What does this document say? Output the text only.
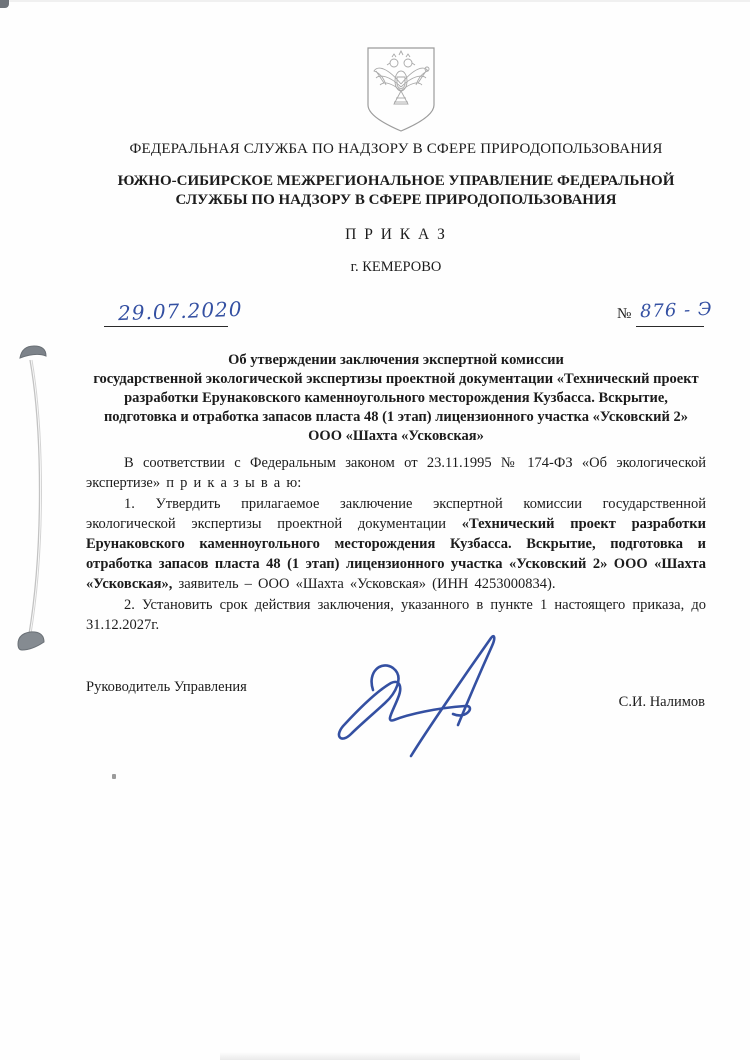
ФЕДЕРАЛЬНАЯ СЛУЖБА ПО НАДЗОРУ В СФЕРЕ ПРИРОДОПОЛЬЗОВАНИЯ
ЮЖНО-СИБИРСКОЕ МЕЖРЕГИОНАЛЬНОЕ УПРАВЛЕНИЕ ФЕДЕРАЛЬНОЙ
СЛУЖБЫ ПО НАДЗОРУ В СФЕРЕ ПРИРОДОПОЛЬЗОВАНИЯ
П Р И К А З
г. КЕМЕРОВО
29.07.2020	№ 876 - Э
Об утверждении заключения экспертной комиссии
государственной экологической экспертизы проектной документации «Технический проект
разработки Ерунаковского каменноугольного месторождения Кузбасса. Вскрытие,
подготовка и отработка запасов пласта 48 (1 этап) лицензионного участка «Усковский 2»
ООО «Шахта «Усковская»

В соответствии с Федеральным законом от 23.11.1995 № 174-ФЗ «Об экологической экспертизе» п р и к а з ы в а ю:

1. Утвердить прилагаемое заключение экспертной комиссии государственной экологической экспертизы проектной документации «Технический проект разработки Ерунаковского каменноугольного месторождения Кузбасса. Вскрытие, подготовка и отработка запасов пласта 48 (1 этап) лицензионного участка «Усковский 2» ООО «Шахта «Усковская», заявитель – ООО «Шахта «Усковская» (ИНН 4253000834).

2. Установить срок действия заключения, указанного в пункте 1 настоящего приказа, до 31.12.2027г.

Руководитель Управления
С.И. Налимов
